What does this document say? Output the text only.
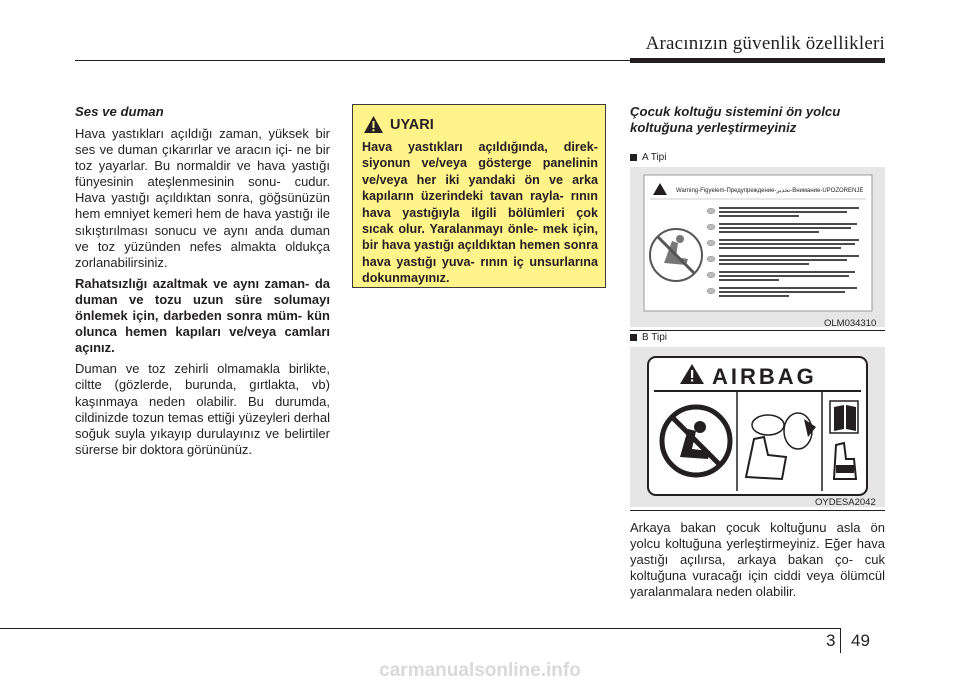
Aracınızın güvenlik özellikleri
Ses ve duman

Hava yastıkları açıldığı zaman, yüksek bir ses ve duman çıkarırlar ve aracın içi- ne bir toz yayarlar. Bu normaldir ve hava yastığı fünyesinin ateşlenmesinin sonu- cudur. Hava yastığı açıldıktan sonra, göğsünüzün hem emniyet kemeri hem de hava yastığı ile sıkıştırılması sonucu ve aynı anda duman ve toz yüzünden nefes almakta oldukça zorlanabilirsiniz.

Rahatsızlığı azaltmak ve aynı zaman- da duman ve tozu uzun süre solumayı önlemek için, darbeden sonra müm- kün olunca hemen kapıları ve/veya camları açınız.

Duman ve toz zehirli olmamakla birlikte, ciltte (gözlerde, burunda, gırtlakta, vb) kaşınmaya neden olabilir. Bu durumda, cildinizde tozun temas ettiği yüzeyleri derhal soğuk suyla yıkayıp durulayınız ve belirtiler sürerse bir doktora görününüz.

UYARI

Hava yastıkları açıldığında, direk- siyonun ve/veya gösterge panelinin ve/veya her iki yandaki ön ve arka kapıların üzerindeki tavan rayla- rının hava yastığıyla ilgili bölümleri çok sıcak olur. Yaralanmayı önle- mek için, bir hava yastığı açıldıktan hemen sonra hava yastığı yuva- rının iç unsurlarına dokunmayınız.

Çocuk koltuğu sistemini ön yolcu koltuğuna yerleştirmeyiniz
A Tipi
Warning-Figyelem-Предупреждение-تحذير-Внимание-UPOZORENJE
OLM034310
B Tipi
AIRBAG
OYDESA2042

Arkaya bakan çocuk koltuğunu asla ön yolcu koltuğuna yerleştirmeyiniz. Eğer hava yastığı açılırsa, arkaya bakan ço- cuk koltuğuna vuracağı için ciddi veya ölümcül yaralanmalara neden olabilir.

3 49
carmanualsonline.info
